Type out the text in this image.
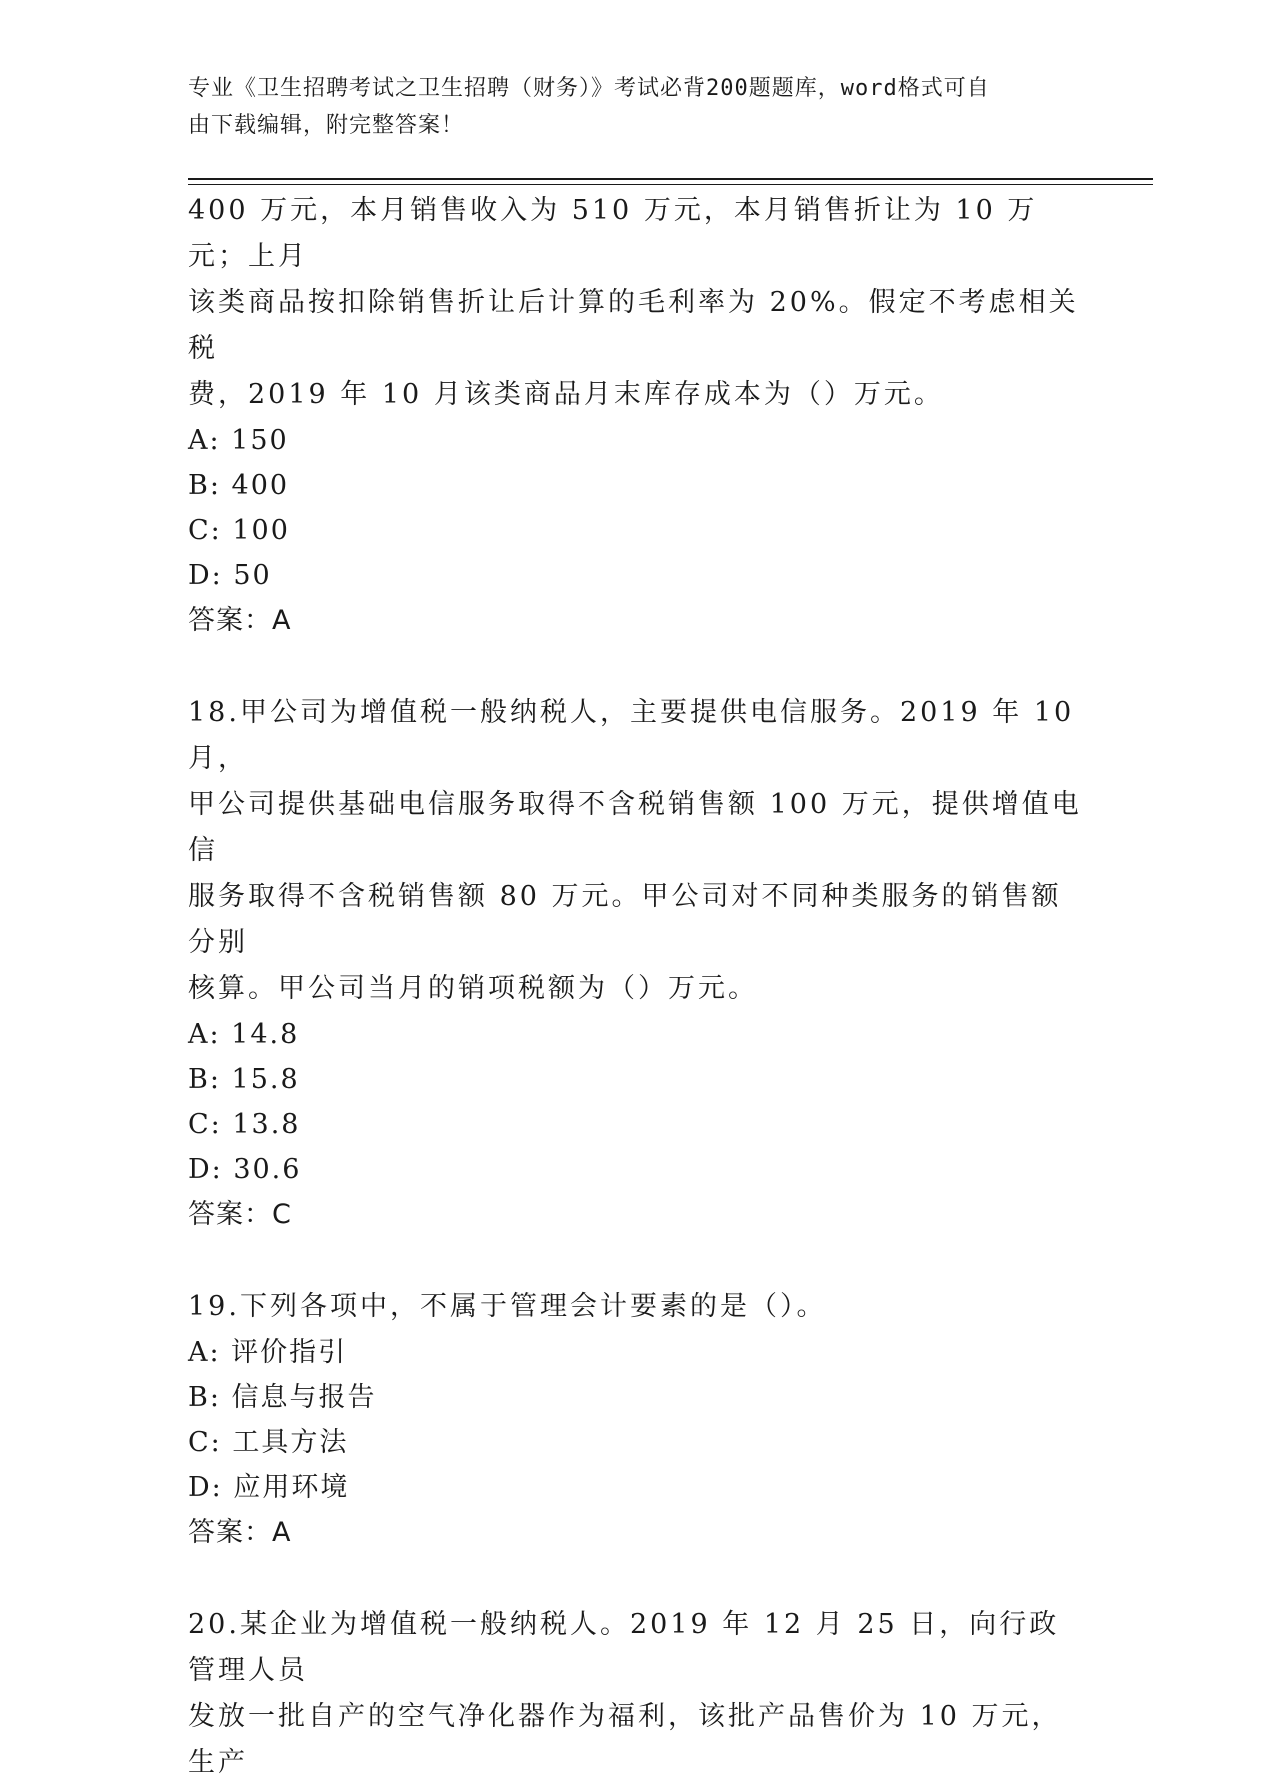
专业《卫生招聘考试之卫生招聘（财务）》考试必背200题题库，word格式可自
由下载编辑，附完整答案！

400 万元，本月销售收入为 510 万元，本月销售折让为 10 万元；上月

该类商品按扣除销售折让后计算的毛利率为 20%。假定不考虑相关税

费，2019 年 10 月该类商品月末库存成本为（）万元。

A: 150

B: 400

C: 100

D: 50

答案：A

18.甲公司为增值税一般纳税人，主要提供电信服务。2019 年 10 月，

甲公司提供基础电信服务取得不含税销售额 100 万元，提供增值电信

服务取得不含税销售额 80 万元。甲公司对不同种类服务的销售额分别

核算。甲公司当月的销项税额为（）万元。

A: 14.8

B: 15.8

C: 13.8

D: 30.6

答案：C

19.下列各项中，不属于管理会计要素的是（）。

A: 评价指引

B: 信息与报告

C: 工具方法

D: 应用环境

答案：A

20.某企业为增值税一般纳税人。2019 年 12 月 25 日，向行政管理人员

发放一批自产的空气净化器作为福利，该批产品售价为 10 万元，生产
